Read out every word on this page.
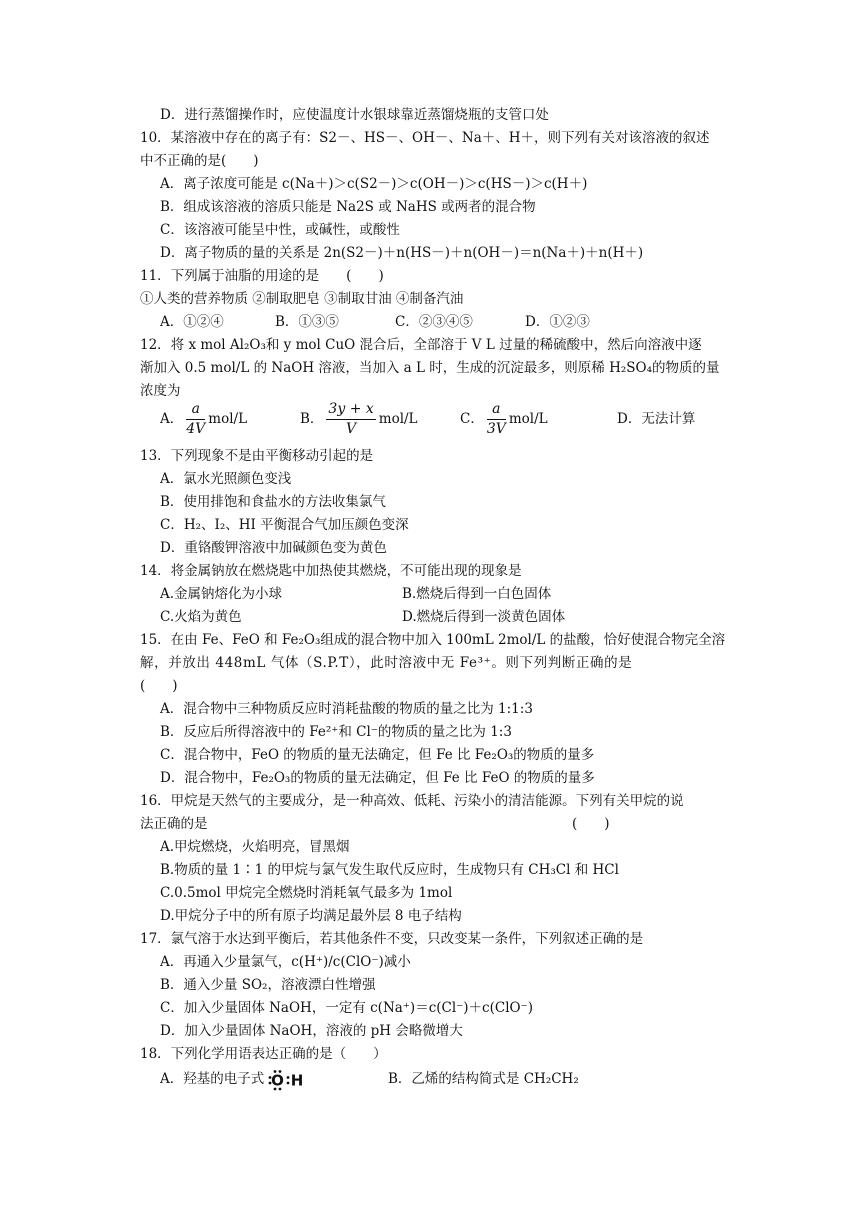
D．进行蒸馏操作时，应使温度计水银球靠近蒸馏烧瓶的支管口处
10．某溶液中存在的离子有：S2－、HS－、OH－、Na＋、H＋，则下列有关对该溶液的叙述
中不正确的是(　　)
A．离子浓度可能是 c(Na＋)＞c(S2－)＞c(OH－)＞c(HS－)＞c(H＋)
B．组成该溶液的溶质只能是 Na2S 或 NaHS 或两者的混合物
C．该溶液可能呈中性，或碱性，或酸性
D．离子物质的量的关系是 2n(S2－)＋n(HS－)＋n(OH－)＝n(Na＋)＋n(H＋)
11．下列属于油脂的用途的是　　(　　)
①人类的营养物质 ②制取肥皂 ③制取甘油 ④制备汽油
A．①②④	B．①③⑤	C．②③④⑤	D．①②③
12．将 x mol Al₂O₃和 y mol CuO 混合后，全部溶于 V L 过量的稀硫酸中，然后向溶液中逐
渐加入 0.5 mol/L 的 NaOH 溶液，当加入 a L 时，生成的沉淀最多，则原稀 H₂SO₄的物质的量
浓度为
A． $\frac{a}{4V} mol/L$	B． $\frac{3y + x}{V} mol/L$	C． $\frac{a}{3V} mol/L$	D．无法计算
13．下列现象不是由平衡移动引起的是
A．氯水光照颜色变浅
B．使用排饱和食盐水的方法收集氯气
C．H₂、I₂、HI 平衡混合气加压颜色变深
D．重铬酸钾溶液中加碱颜色变为黄色
14．将金属钠放在燃烧匙中加热使其燃烧，不可能出现的现象是
A.金属钠熔化为小球	B.燃烧后得到一白色固体
C.火焰为黄色	D.燃烧后得到一淡黄色固体
15．在由 Fe、FeO 和 Fe₂O₃组成的混合物中加入 100mL 2mol/L 的盐酸，恰好使混合物完全溶
解，并放出 448mL 气体（S.P.T），此时溶液中无 Fe³⁺。则下列判断正确的是
(　　)
A．混合物中三种物质反应时消耗盐酸的物质的量之比为 1:1:3
B．反应后所得溶液中的 Fe²⁺和 Cl⁻的物质的量之比为 1:3
C．混合物中，FeO 的物质的量无法确定，但 Fe 比 Fe₂O₃的物质的量多
D．混合物中，Fe₂O₃的物质的量无法确定，但 Fe 比 FeO 的物质的量多
16．甲烷是天然气的主要成分，是一种高效、低耗、污染小的清洁能源。下列有关甲烷的说
法正确的是	(　　)
A.甲烷燃烧，火焰明亮，冒黑烟
B.物质的量 1∶1 的甲烷与氯气发生取代反应时，生成物只有 CH₃Cl 和 HCl
C.0.5mol 甲烷完全燃烧时消耗氧气最多为 1mol
D.甲烷分子中的所有原子均满足最外层 8 电子结构
17．氯气溶于水达到平衡后，若其他条件不变，只改变某一条件，下列叙述正确的是
A．再通入少量氯气，c(H⁺)/c(ClO⁻)减小
B．通入少量 SO₂，溶液漂白性增强
C．加入少量固体 NaOH，一定有 c(Na⁺)＝c(Cl⁻)＋c(ClO⁻)
D．加入少量固体 NaOH，溶液的 pH 会略微增大
18．下列化学用语表达正确的是（　　）
A．羟基的电子式 O H	B．乙烯的结构简式是 CH₂CH₂
